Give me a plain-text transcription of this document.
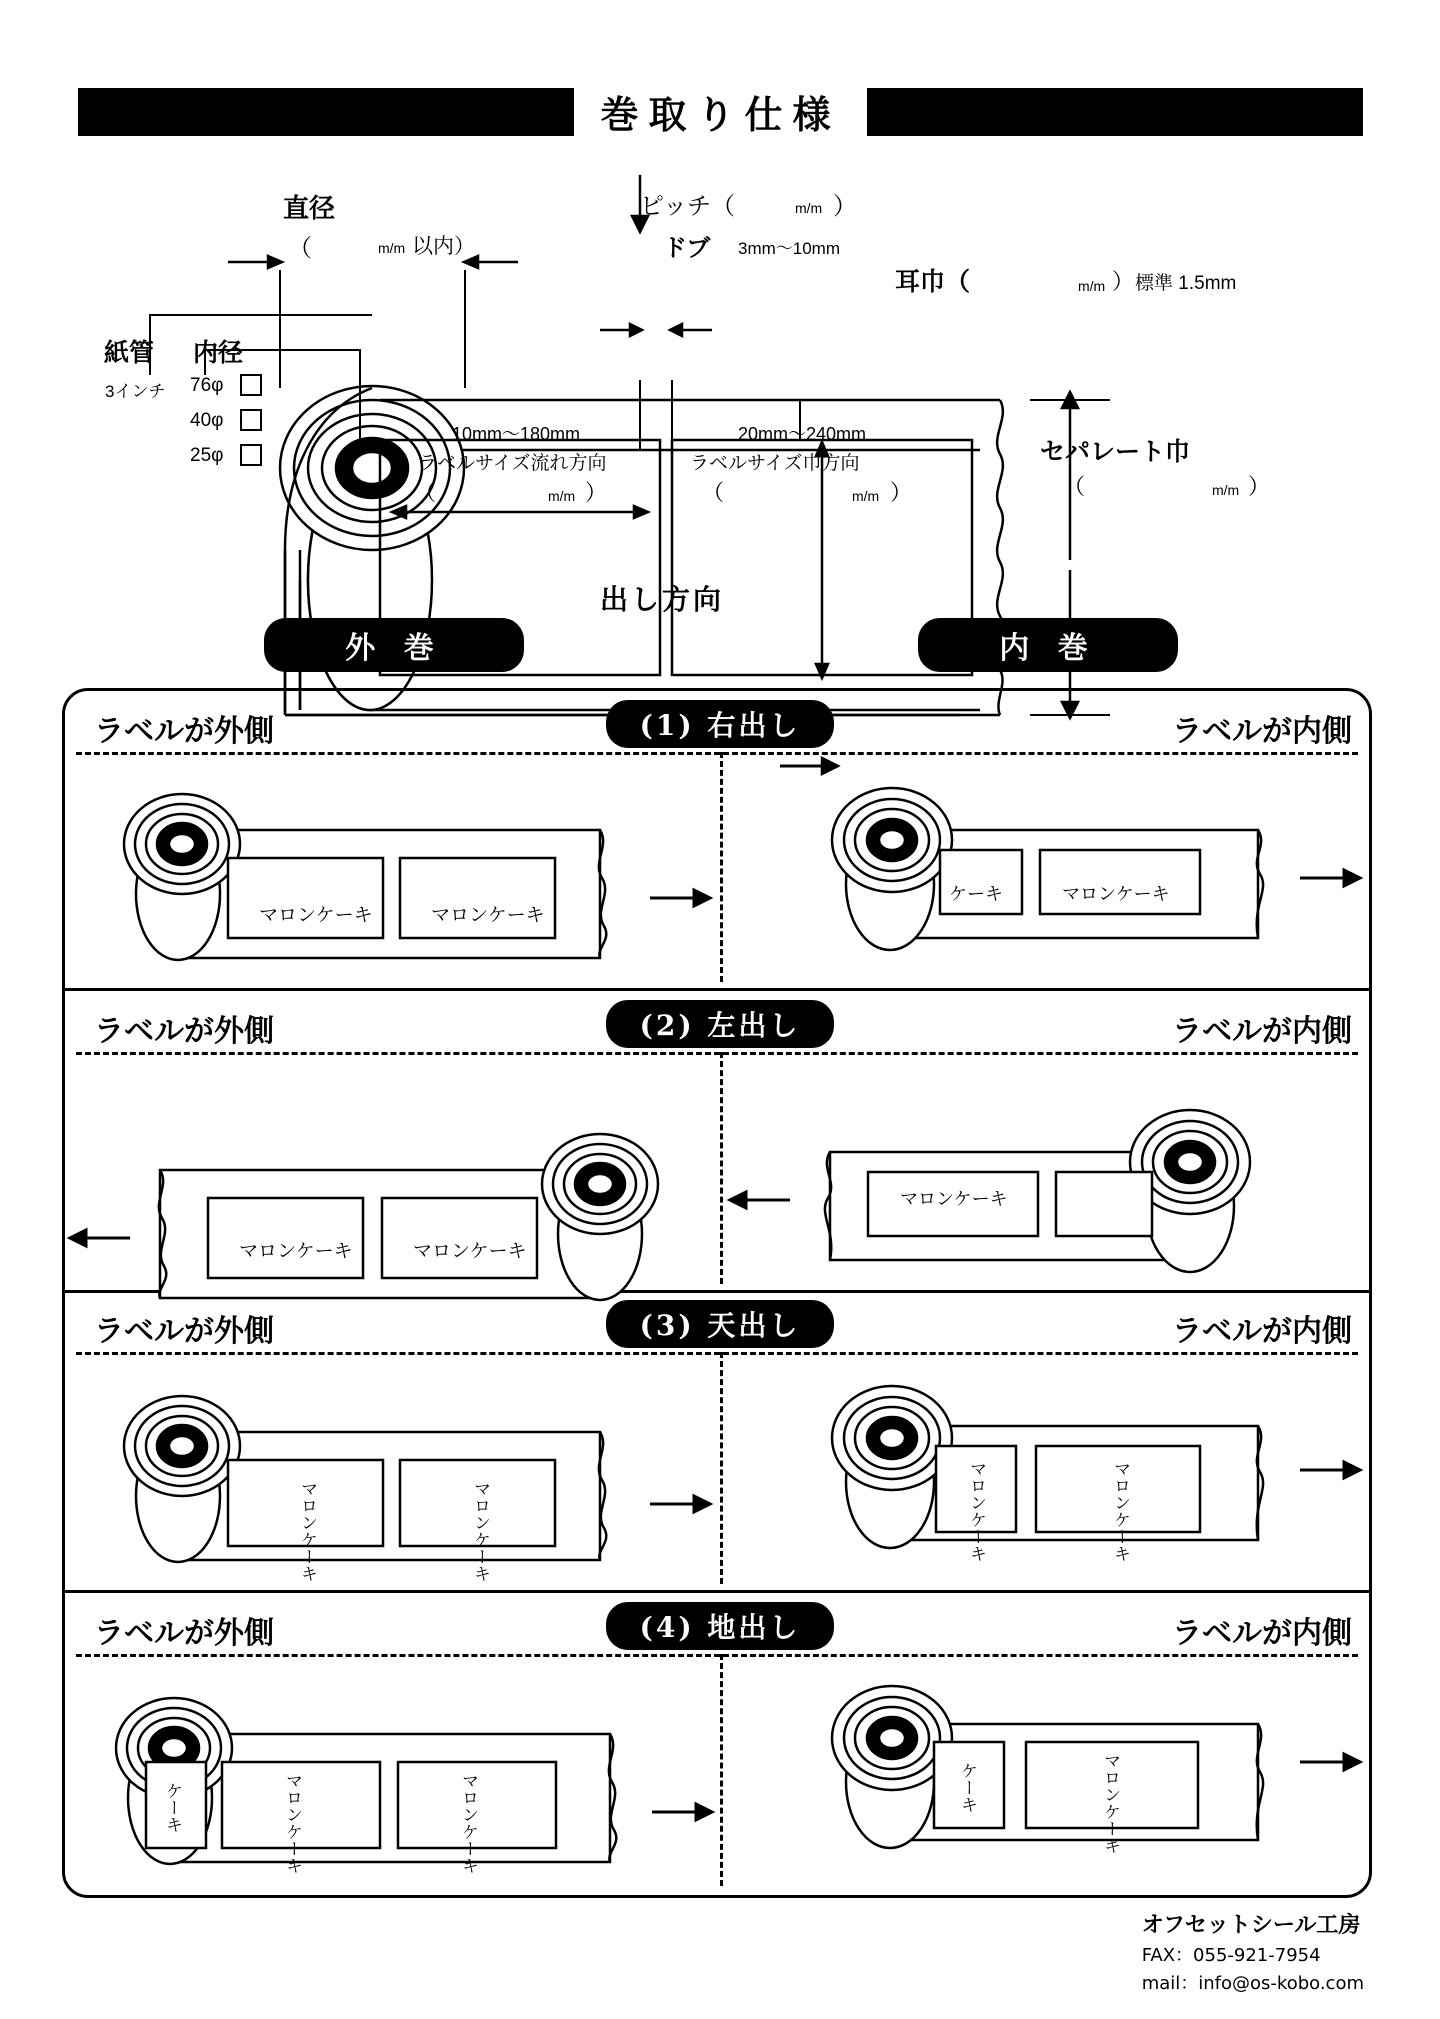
巻取り仕様
直径
（	m/m 以内）
紙管 内径
3インチ 76φ
40φ
25φ
ピッチ（	m/m ）
ドブ 3mm～10mm
耳巾（	m/m ） 標準 1.5mm
10mm～180mm
ラベルサイズ流れ方向
（	m/m ）
20mm～240mm
ラベルサイズ巾方向
（	m/m ）
セパレート巾
（	m/m ）
出し方向
外 巻	内 巻
ラベルが外側	ラベルが内側
(1) 右出し
マロンケーキ	マロンケーキ
ケーキ	マロンケーキ
ラベルが外側	ラベルが内側
(2) 左出し
マロンケーキ	マロンケーキ
マロンケーキ
ラベルが外側	ラベルが内側
(3) 天出し
マロンケーキ	マロンケーキ	マロンケーキ	マロンケーキ
ラベルが外側	ラベルが内側
(4) 地出し
ケーキ	マロンケーキ	マロンケーキ	ケーキ	マロンケーキ
オフセットシール工房
FAX：055-921-7954
mail：info@os-kobo.com
